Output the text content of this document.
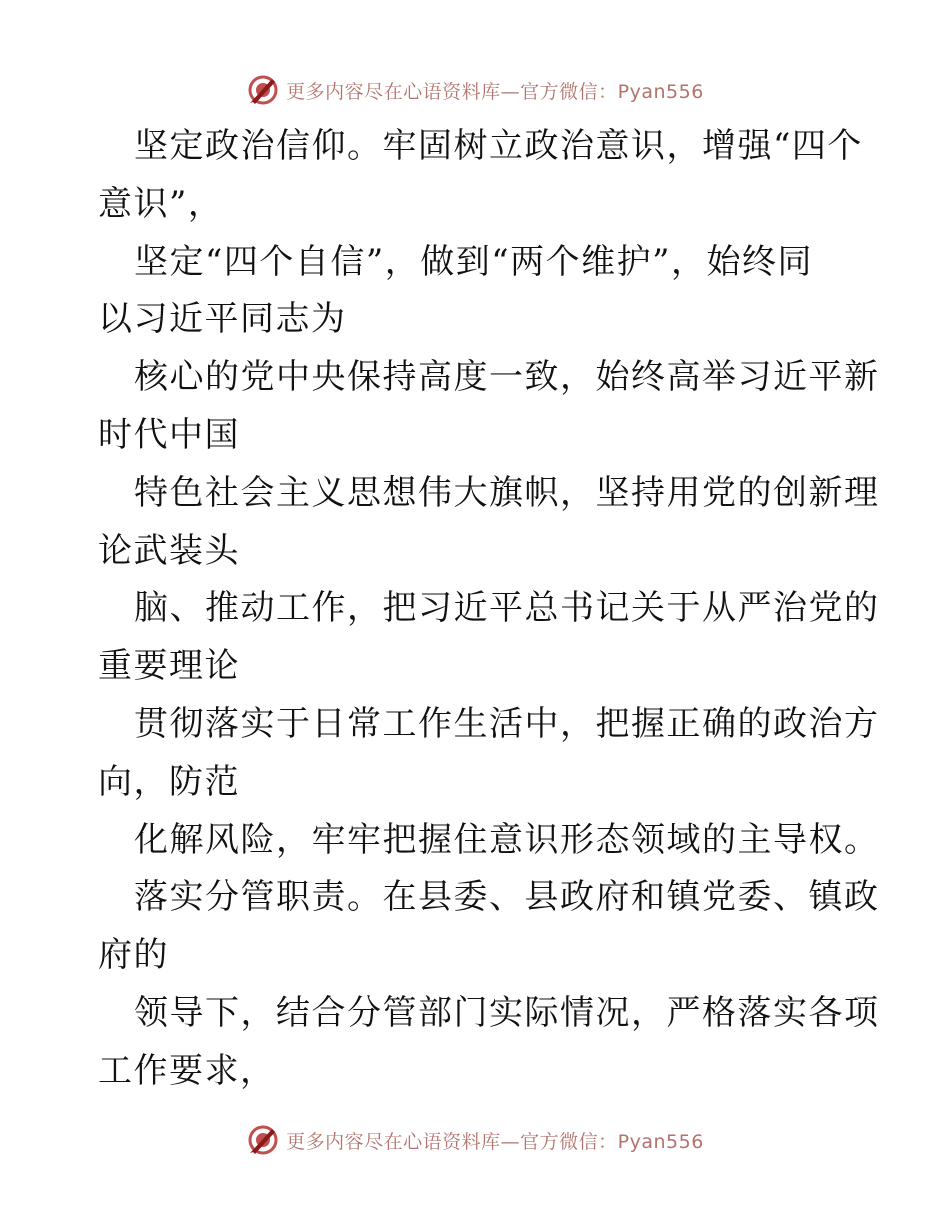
更多内容尽在心语资料库—官方微信：Pyan556
坚定政治信仰。牢固树立政治意识，增强“四个
意识”，
坚定“四个自信”，做到“两个维护”，始终同
以习近平同志为
核心的党中央保持高度一致，始终高举习近平新
时代中国
特色社会主义思想伟大旗帜，坚持用党的创新理
论武装头
脑、推动工作，把习近平总书记关于从严治党的
重要理论
贯彻落实于日常工作生活中，把握正确的政治方
向，防范
化解风险，牢牢把握住意识形态领域的主导权。
落实分管职责。在县委、县政府和镇党委、镇政
府的
领导下，结合分管部门实际情况，严格落实各项
工作要求，
更多内容尽在心语资料库—官方微信：Pyan556
